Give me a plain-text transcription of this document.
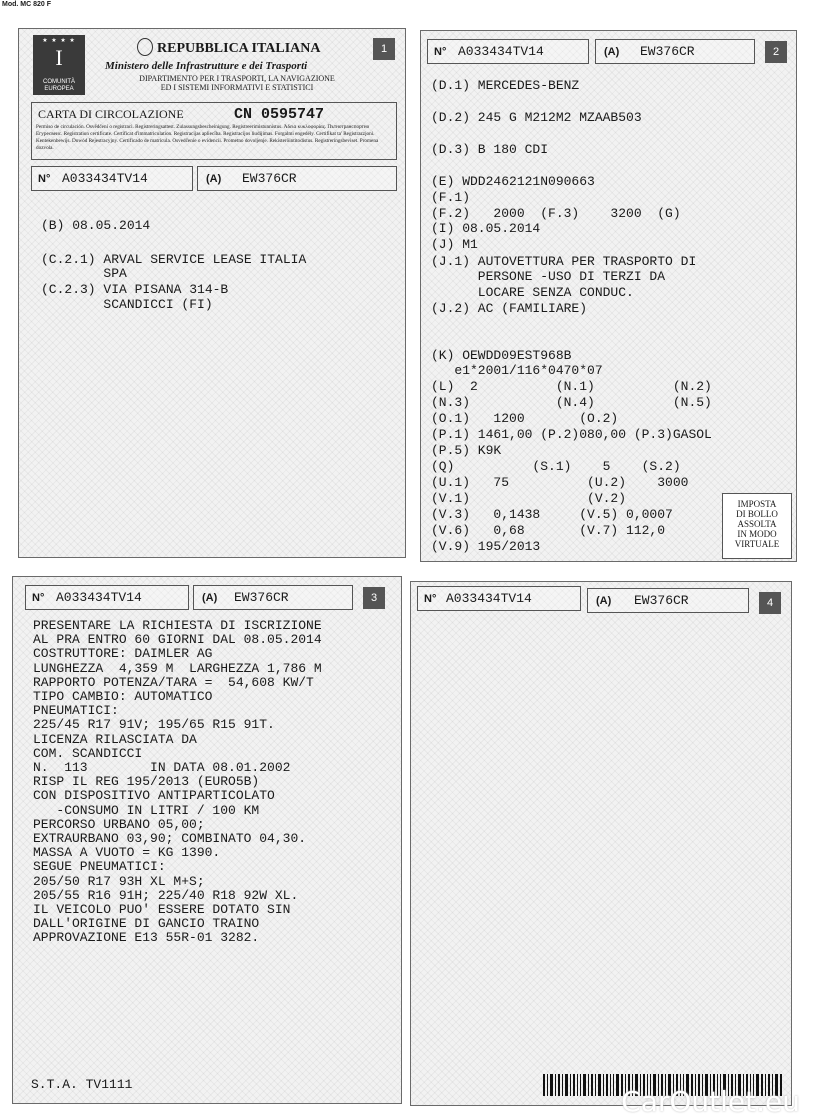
Mod. MC 820 F
★ ★ ★ ★
I
COMUNITÀ
EUROPEA
REPUBBLICA ITALIANA
Ministero delle Infrastrutture e dei Trasporti
DIPARTIMENTO PER I TRASPORTI, LA NAVIGAZIONE
ED I SISTEMI INFORMATIVI E STATISTICI
1
CARTA DI CIRCOLAZIONE	CN 0595747
Permiso de circulación. Osvědčení o registraci. Registreringsattest. Zulassungsbescheinigung. Registreerimistunnistus. Άδεια κυκλοφορίας. Пътнотранспортно Егуресвеис. Registration certificate. Certificat d'immatriculation. Registracijas apliecība. Registracijos liudijimas. Forgalmi engedély. Certifikat ta' Registrazzjoni. Kentekenbewijs. Dowód Rejestracyjny. Certificado de matrícula. Osvedčenie o evidencii. Prometno dovoljenje. Rekisteröintitodistus. Registreringsbeviset. Promena dozvola.
N° A033434TV14	(A) EW376CR
(B) 08.05.2014
(C.2.1) ARVAL SERVICE LEASE ITALIA
SPA
(C.2.3) VIA PISANA 314-B
SCANDICCI (FI)
N° A033434TV14	(A) EW376CR	2
(D.1) MERCEDES-BENZ
(D.2) 245 G M212M2 MZAAB503
(D.3) B 180 CDI
(E) WDD2462121N090663
(F.1)
(F.2)   2000  (F.3)    3200  (G)
(I) 08.05.2014
(J) M1
(J.1) AUTOVETTURA PER TRASPORTO DI
PERSONE -USO DI TERZI DA
LOCARE SENZA CONDUC.
(J.2) AC (FAMILIARE)
(K) OEWDD09EST968B
e1*2001/116*0470*07
(L)  2          (N.1)          (N.2)
(N.3)           (N.4)          (N.5)
(O.1)   1200       (O.2)
(P.1) 1461,00 (P.2)080,00 (P.3)GASOL
(P.5) K9K
(Q)          (S.1)    5    (S.2)
(U.1)   75          (U.2)    3000
(V.1)               (V.2)
(V.3)   0,1438     (V.5) 0,0007
(V.6)   0,68       (V.7) 112,0
(V.9) 195/2013
IMPOSTA
DI BOLLO
ASSOLTA
IN MODO
VIRTUALE
N° A033434TV14	(A) EW376CR	3
PRESENTARE LA RICHIESTA DI ISCRIZIONE
AL PRA ENTRO 60 GIORNI DAL 08.05.2014
COSTRUTTORE: DAIMLER AG
LUNGHEZZA  4,359 M  LARGHEZZA 1,786 M
RAPPORTO POTENZA/TARA =  54,608 KW/T
TIPO CAMBIO: AUTOMATICO
PNEUMATICI:
225/45 R17 91V; 195/65 R15 91T.
LICENZA RILASCIATA DA
COM. SCANDICCI
N.  113        IN DATA 08.01.2002
RISP IL REG 195/2013 (EURO5B)
CON DISPOSITIVO ANTIPARTICOLATO
-CONSUMO IN LITRI / 100 KM
PERCORSO URBANO 05,00;
EXTRAURBANO 03,90; COMBINATO 04,30.
MASSA A VUOTO = KG 1390.
SEGUE PNEUMATICI:
205/50 R17 93H XL M+S;
205/55 R16 91H; 225/40 R18 92W XL.
IL VEICOLO PUO' ESSERE DOTATO SIN
DALL'ORIGINE DI GANCIO TRAINO
APPROVAZIONE E13 55R-01 3282.
S.T.A. TV1111
N° A033434TV14	(A) EW376CR	4
CarOutlet.eu
